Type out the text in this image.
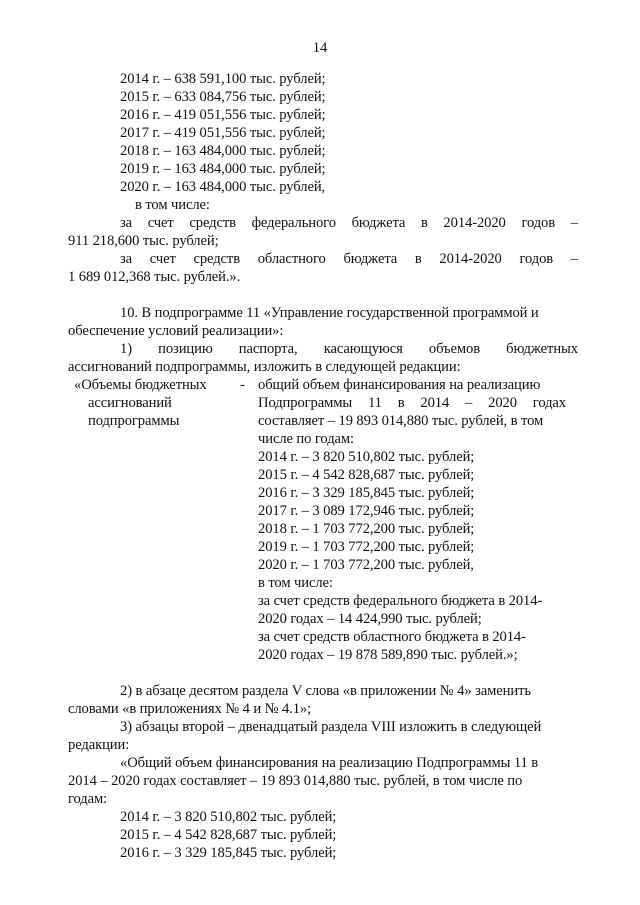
14
2014 г. – 638 591,100 тыс. рублей;
2015 г. – 633 084,756 тыс. рублей;
2016 г. – 419 051,556 тыс. рублей;
2017 г. – 419 051,556 тыс. рублей;
2018 г. – 163 484,000 тыс. рублей;
2019 г. – 163 484,000 тыс. рублей;
2020 г. – 163 484,000 тыс. рублей,
в том числе:
за счет средств федерального бюджета в 2014-2020 годов –
911 218,600 тыс. рублей;
за счет средств областного бюджета в 2014-2020 годов –
1 689 012,368 тыс. рублей.».
10. В подпрограмме 11 «Управление государственной программой и
обеспечение условий реализации»:
1) позицию паспорта, касающуюся объемов бюджетных
ассигнований подпрограммы, изложить в следующей редакции:
«Объемы бюджетных -
ассигнований
подпрограммы
общий объем финансирования на реализацию
Подпрограммы 11 в 2014 – 2020 годах
составляет – 19 893 014,880 тыс. рублей, в том
числе по годам:
2014 г. – 3 820 510,802 тыс. рублей;
2015 г. – 4 542 828,687 тыс. рублей;
2016 г. – 3 329 185,845 тыс. рублей;
2017 г. – 3 089 172,946 тыс. рублей;
2018 г. – 1 703 772,200 тыс. рублей;
2019 г. – 1 703 772,200 тыс. рублей;
2020 г. – 1 703 772,200 тыс. рублей,
в том числе:
за счет средств федерального бюджета в 2014-
2020 годах – 14 424,990 тыс. рублей;
за счет средств областного бюджета в 2014-
2020 годах – 19 878 589,890 тыс. рублей.»;
2) в абзаце десятом раздела V слова «в приложении № 4» заменить
словами «в приложениях № 4 и № 4.1»;
3) абзацы второй – двенадцатый раздела VIII изложить в следующей
редакции:
«Общий объем финансирования на реализацию Подпрограммы 11 в
2014 – 2020 годах составляет – 19 893 014,880 тыс. рублей, в том числе по
годам:
2014 г. – 3 820 510,802 тыс. рублей;
2015 г. – 4 542 828,687 тыс. рублей;
2016 г. – 3 329 185,845 тыс. рублей;
